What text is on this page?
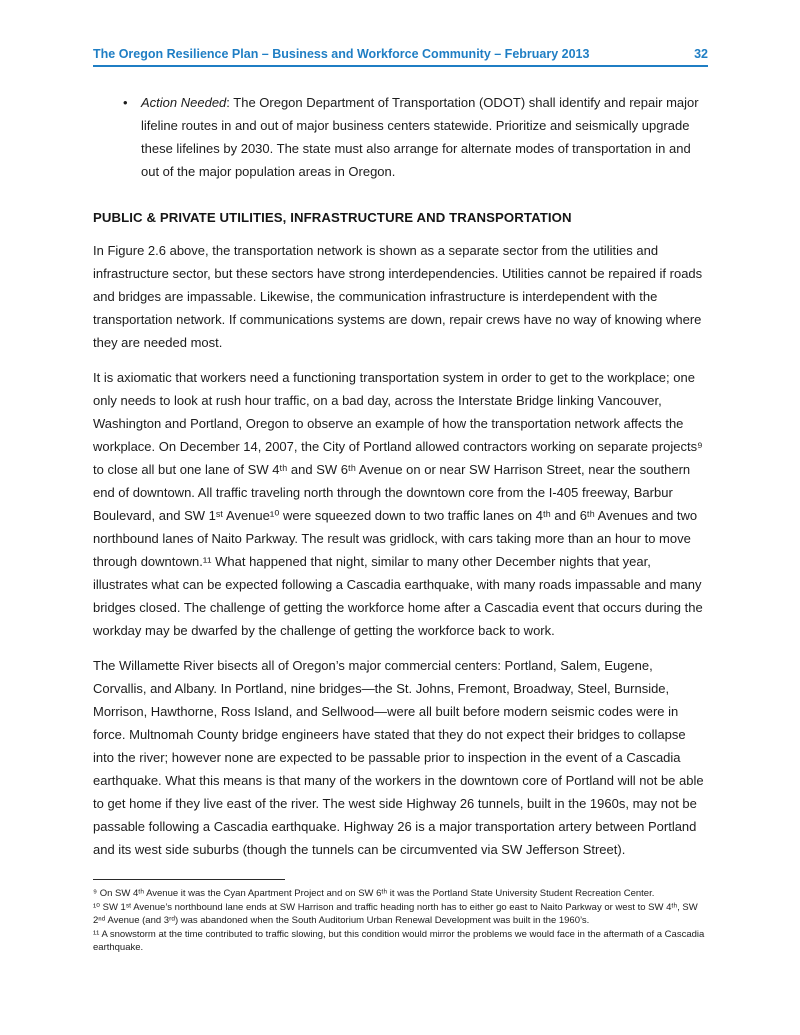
The Oregon Resilience Plan – Business and Workforce Community – February 2013	32
•	Action Needed: The Oregon Department of Transportation (ODOT) shall identify and repair major lifeline routes in and out of major business centers statewide. Prioritize and seismically upgrade these lifelines by 2030. The state must also arrange for alternate modes of transportation in and out of the major population areas in Oregon.

PUBLIC & PRIVATE UTILITIES, INFRASTRUCTURE AND TRANSPORTATION

In Figure 2.6 above, the transportation network is shown as a separate sector from the utilities and infrastructure sector, but these sectors have strong interdependencies. Utilities cannot be repaired if roads and bridges are impassable. Likewise, the communication infrastructure is interdependent with the transportation network. If communications systems are down, repair crews have no way of knowing where they are needed most.

It is axiomatic that workers need a functioning transportation system in order to get to the workplace; one only needs to look at rush hour traffic, on a bad day, across the Interstate Bridge linking Vancouver, Washington and Portland, Oregon to observe an example of how the transportation network affects the workplace. On December 14, 2007, the City of Portland allowed contractors working on separate projects⁹ to close all but one lane of SW 4ᵗʰ and SW 6ᵗʰ Avenue on or near SW Harrison Street, near the southern end of downtown. All traffic traveling north through the downtown core from the I-405 freeway, Barbur Boulevard, and SW 1ˢᵗ Avenue¹⁰ were squeezed down to two traffic lanes on 4ᵗʰ and 6ᵗʰ Avenues and two northbound lanes of Naito Parkway. The result was gridlock, with cars taking more than an hour to move through downtown.¹¹ What happened that night, similar to many other December nights that year, illustrates what can be expected following a Cascadia earthquake, with many roads impassable and many bridges closed. The challenge of getting the workforce home after a Cascadia event that occurs during the workday may be dwarfed by the challenge of getting the workforce back to work.

The Willamette River bisects all of Oregon’s major commercial centers: Portland, Salem, Eugene, Corvallis, and Albany. In Portland, nine bridges—the St. Johns, Fremont, Broadway, Steel, Burnside, Morrison, Hawthorne, Ross Island, and Sellwood—were all built before modern seismic codes were in force. Multnomah County bridge engineers have stated that they do not expect their bridges to collapse into the river; however none are expected to be passable prior to inspection in the event of a Cascadia earthquake. What this means is that many of the workers in the downtown core of Portland will not be able to get home if they live east of the river. The west side Highway 26 tunnels, built in the 1960s, may not be passable following a Cascadia earthquake. Highway 26 is a major transportation artery between Portland and its west side suburbs (though the tunnels can be circumvented via SW Jefferson Street).

⁹ On SW 4ᵗʰ Avenue it was the Cyan Apartment Project and on SW 6ᵗʰ it was the Portland State University Student Recreation Center.

¹⁰ SW 1ˢᵗ Avenue’s northbound lane ends at SW Harrison and traffic heading north has to either go east to Naito Parkway or west to SW 4ᵗʰ, SW 2ⁿᵈ Avenue (and 3ʳᵈ) was abandoned when the South Auditorium Urban Renewal Development was built in the 1960’s.

¹¹ A snowstorm at the time contributed to traffic slowing, but this condition would mirror the problems we would face in the aftermath of a Cascadia earthquake.
